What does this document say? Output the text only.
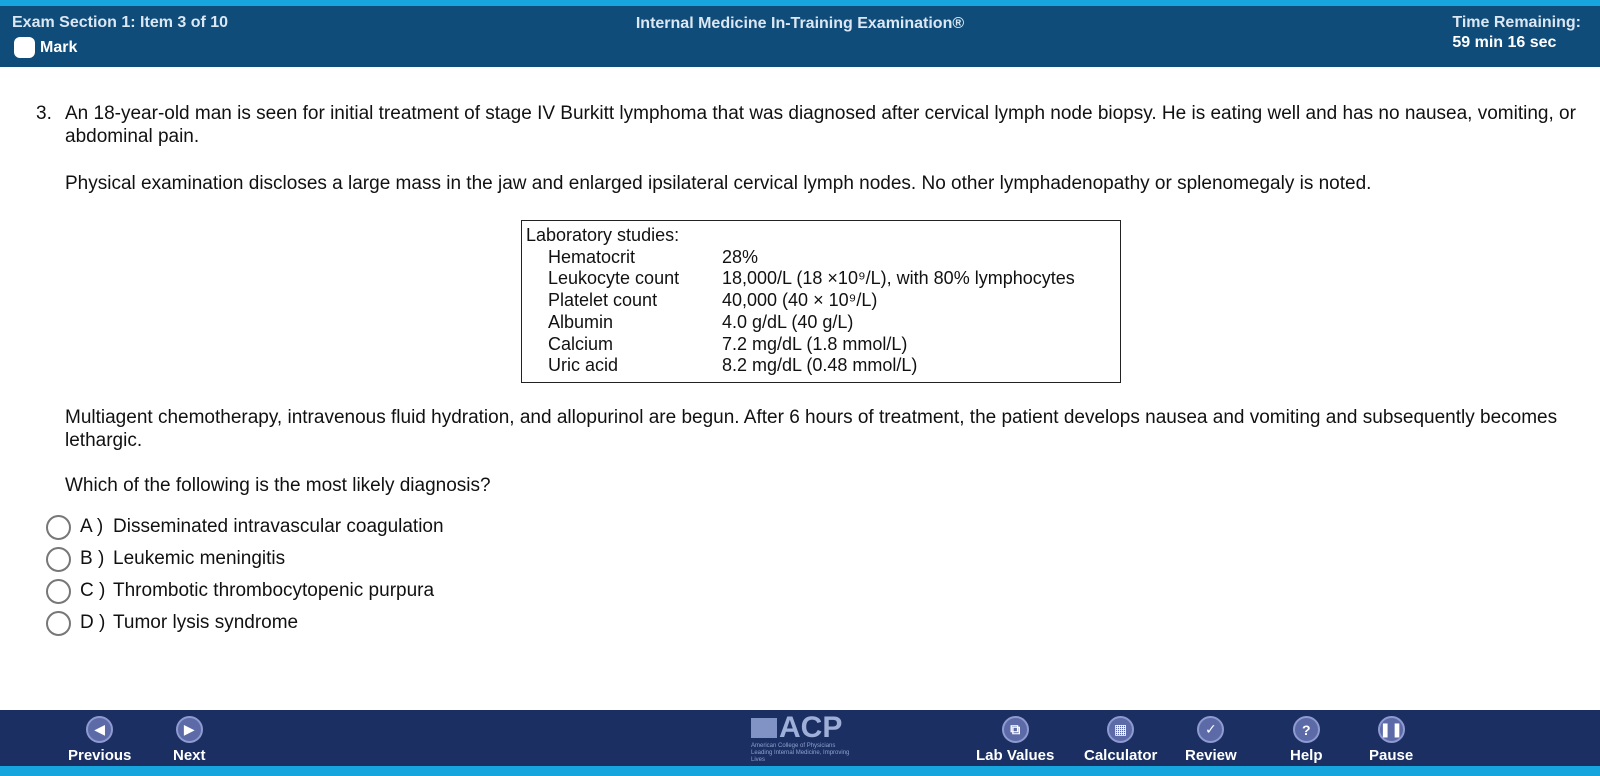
Exam Section 1: Item 3 of 10
Mark
Internal Medicine In-Training Examination®	Time Remaining:
59 min 16 sec
3. An 18-year-old man is seen for initial treatment of stage IV Burkitt lymphoma that was diagnosed after cervical lymph node biopsy. He is eating well and has no nausea, vomiting, or abdominal pain.

Physical examination discloses a large mass in the jaw and enlarged ipsilateral cervical lymph nodes. No other lymphadenopathy or splenomegaly is noted.

Laboratory studies:
Hematocrit	28%
Leukocyte count	18,000/L (18 ×10⁹/L), with 80% lymphocytes
Platelet count	40,000 (40 × 10⁹/L)
Albumin	4.0 g/dL (40 g/L)
Calcium	7.2 mg/dL (1.8 mmol/L)
Uric acid	8.2 mg/dL (0.48 mmol/L)

Multiagent chemotherapy, intravenous fluid hydration, and allopurinol are begun. After 6 hours of treatment, the patient develops nausea and vomiting and subsequently becomes lethargic.

Which of the following is the most likely diagnosis?

A ) Disseminated intravascular coagulation
B ) Leukemic meningitis
C ) Thrombotic thrombocytopenic purpura
D ) Tumor lysis syndrome
◀
Previous
▶
Next
ACP
American College of Physicians
Leading Internal Medicine, Improving Lives
⧉
Lab Values
▦
Calculator
✓
Review
?
Help
❚❚
Pause
